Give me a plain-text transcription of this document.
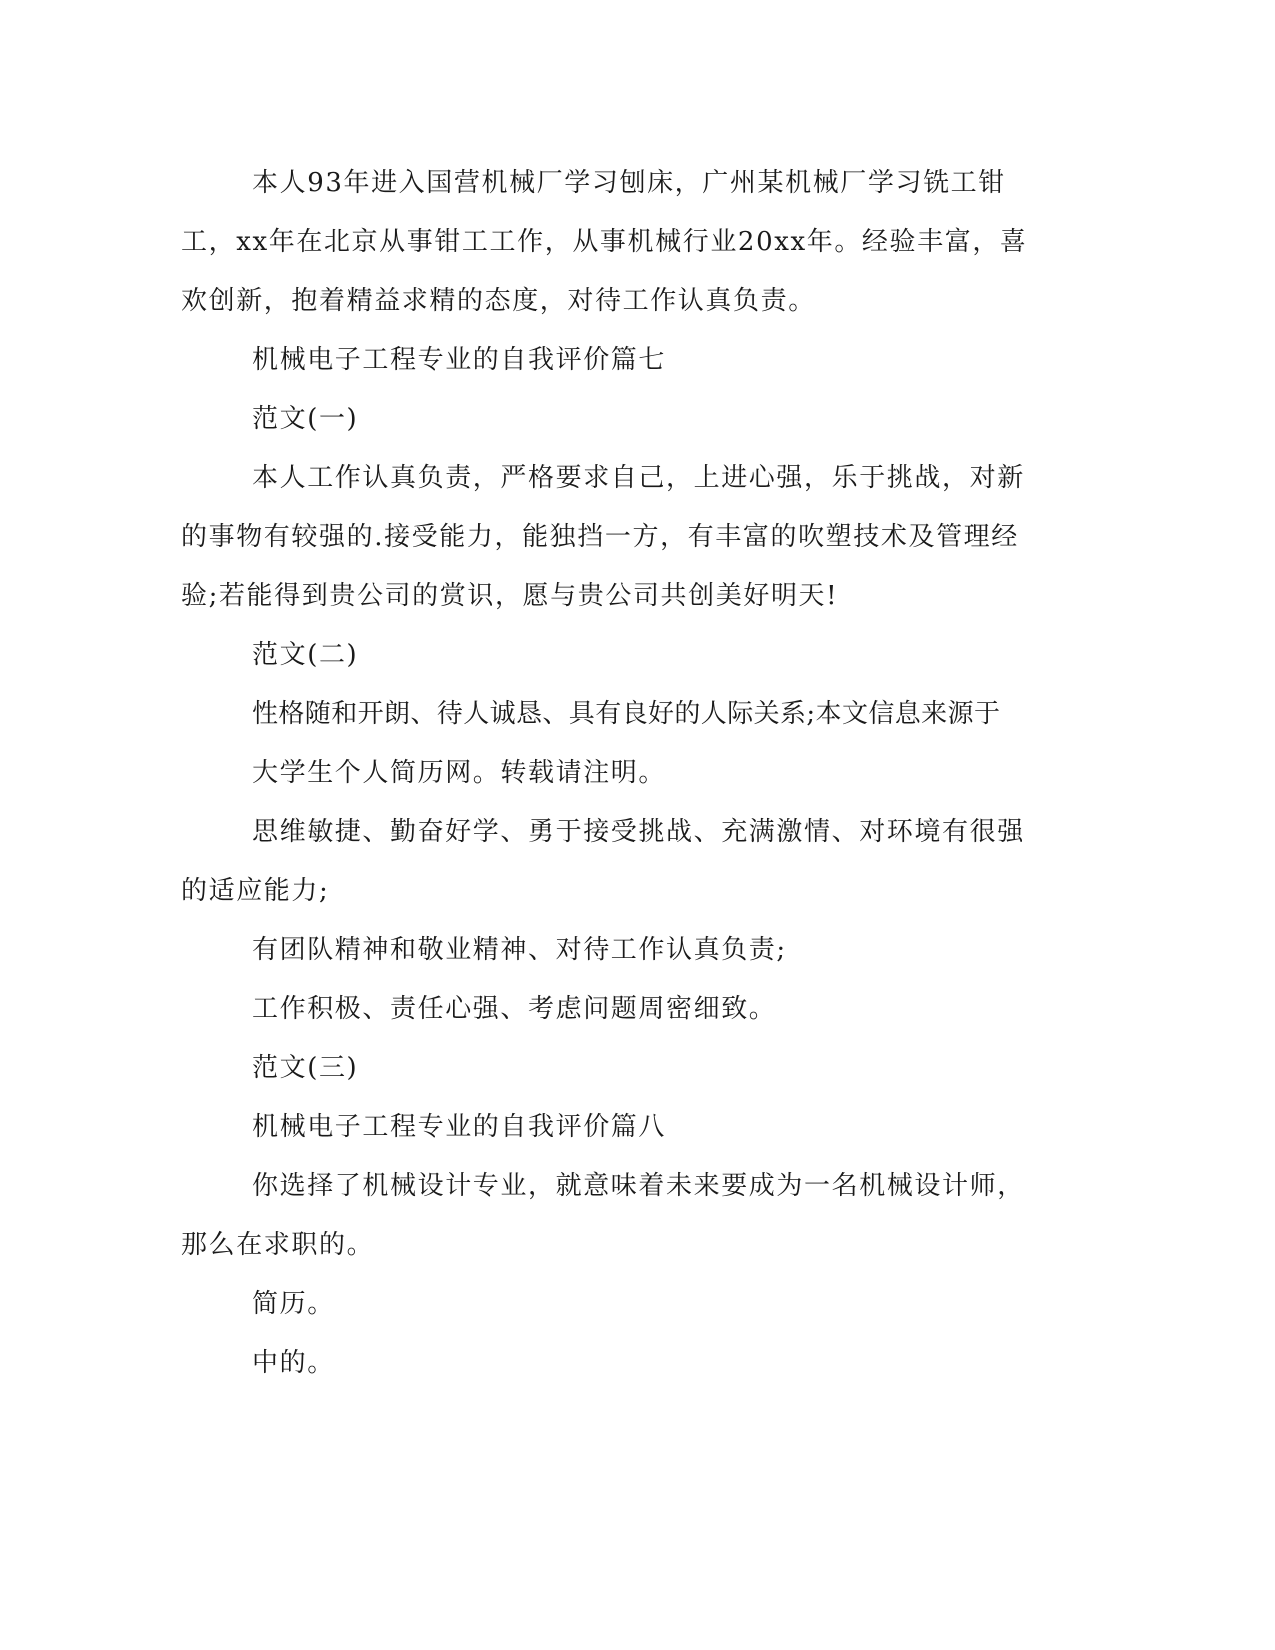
本人93年进入国营机械厂学习刨床，广州某机械厂学习铣工钳工，xx年在北京从事钳工工作，从事机械行业20xx年。经验丰富，喜欢创新，抱着精益求精的态度，对待工作认真负责。

机械电子工程专业的自我评价篇七

范文(一)

本人工作认真负责，严格要求自己，上进心强，乐于挑战，对新的事物有较强的.接受能力，能独挡一方，有丰富的吹塑技术及管理经验;若能得到贵公司的赏识，愿与贵公司共创美好明天!

范文(二)

性格随和开朗、待人诚恳、具有良好的人际关系;本文信息来源于

大学生个人简历网。转载请注明。

思维敏捷、勤奋好学、勇于接受挑战、充满激情、对环境有很强的适应能力;

有团队精神和敬业精神、对待工作认真负责;

工作积极、责任心强、考虑问题周密细致。

范文(三)

机械电子工程专业的自我评价篇八

你选择了机械设计专业，就意味着未来要成为一名机械设计师，那么在求职的。

简历。

中的。
